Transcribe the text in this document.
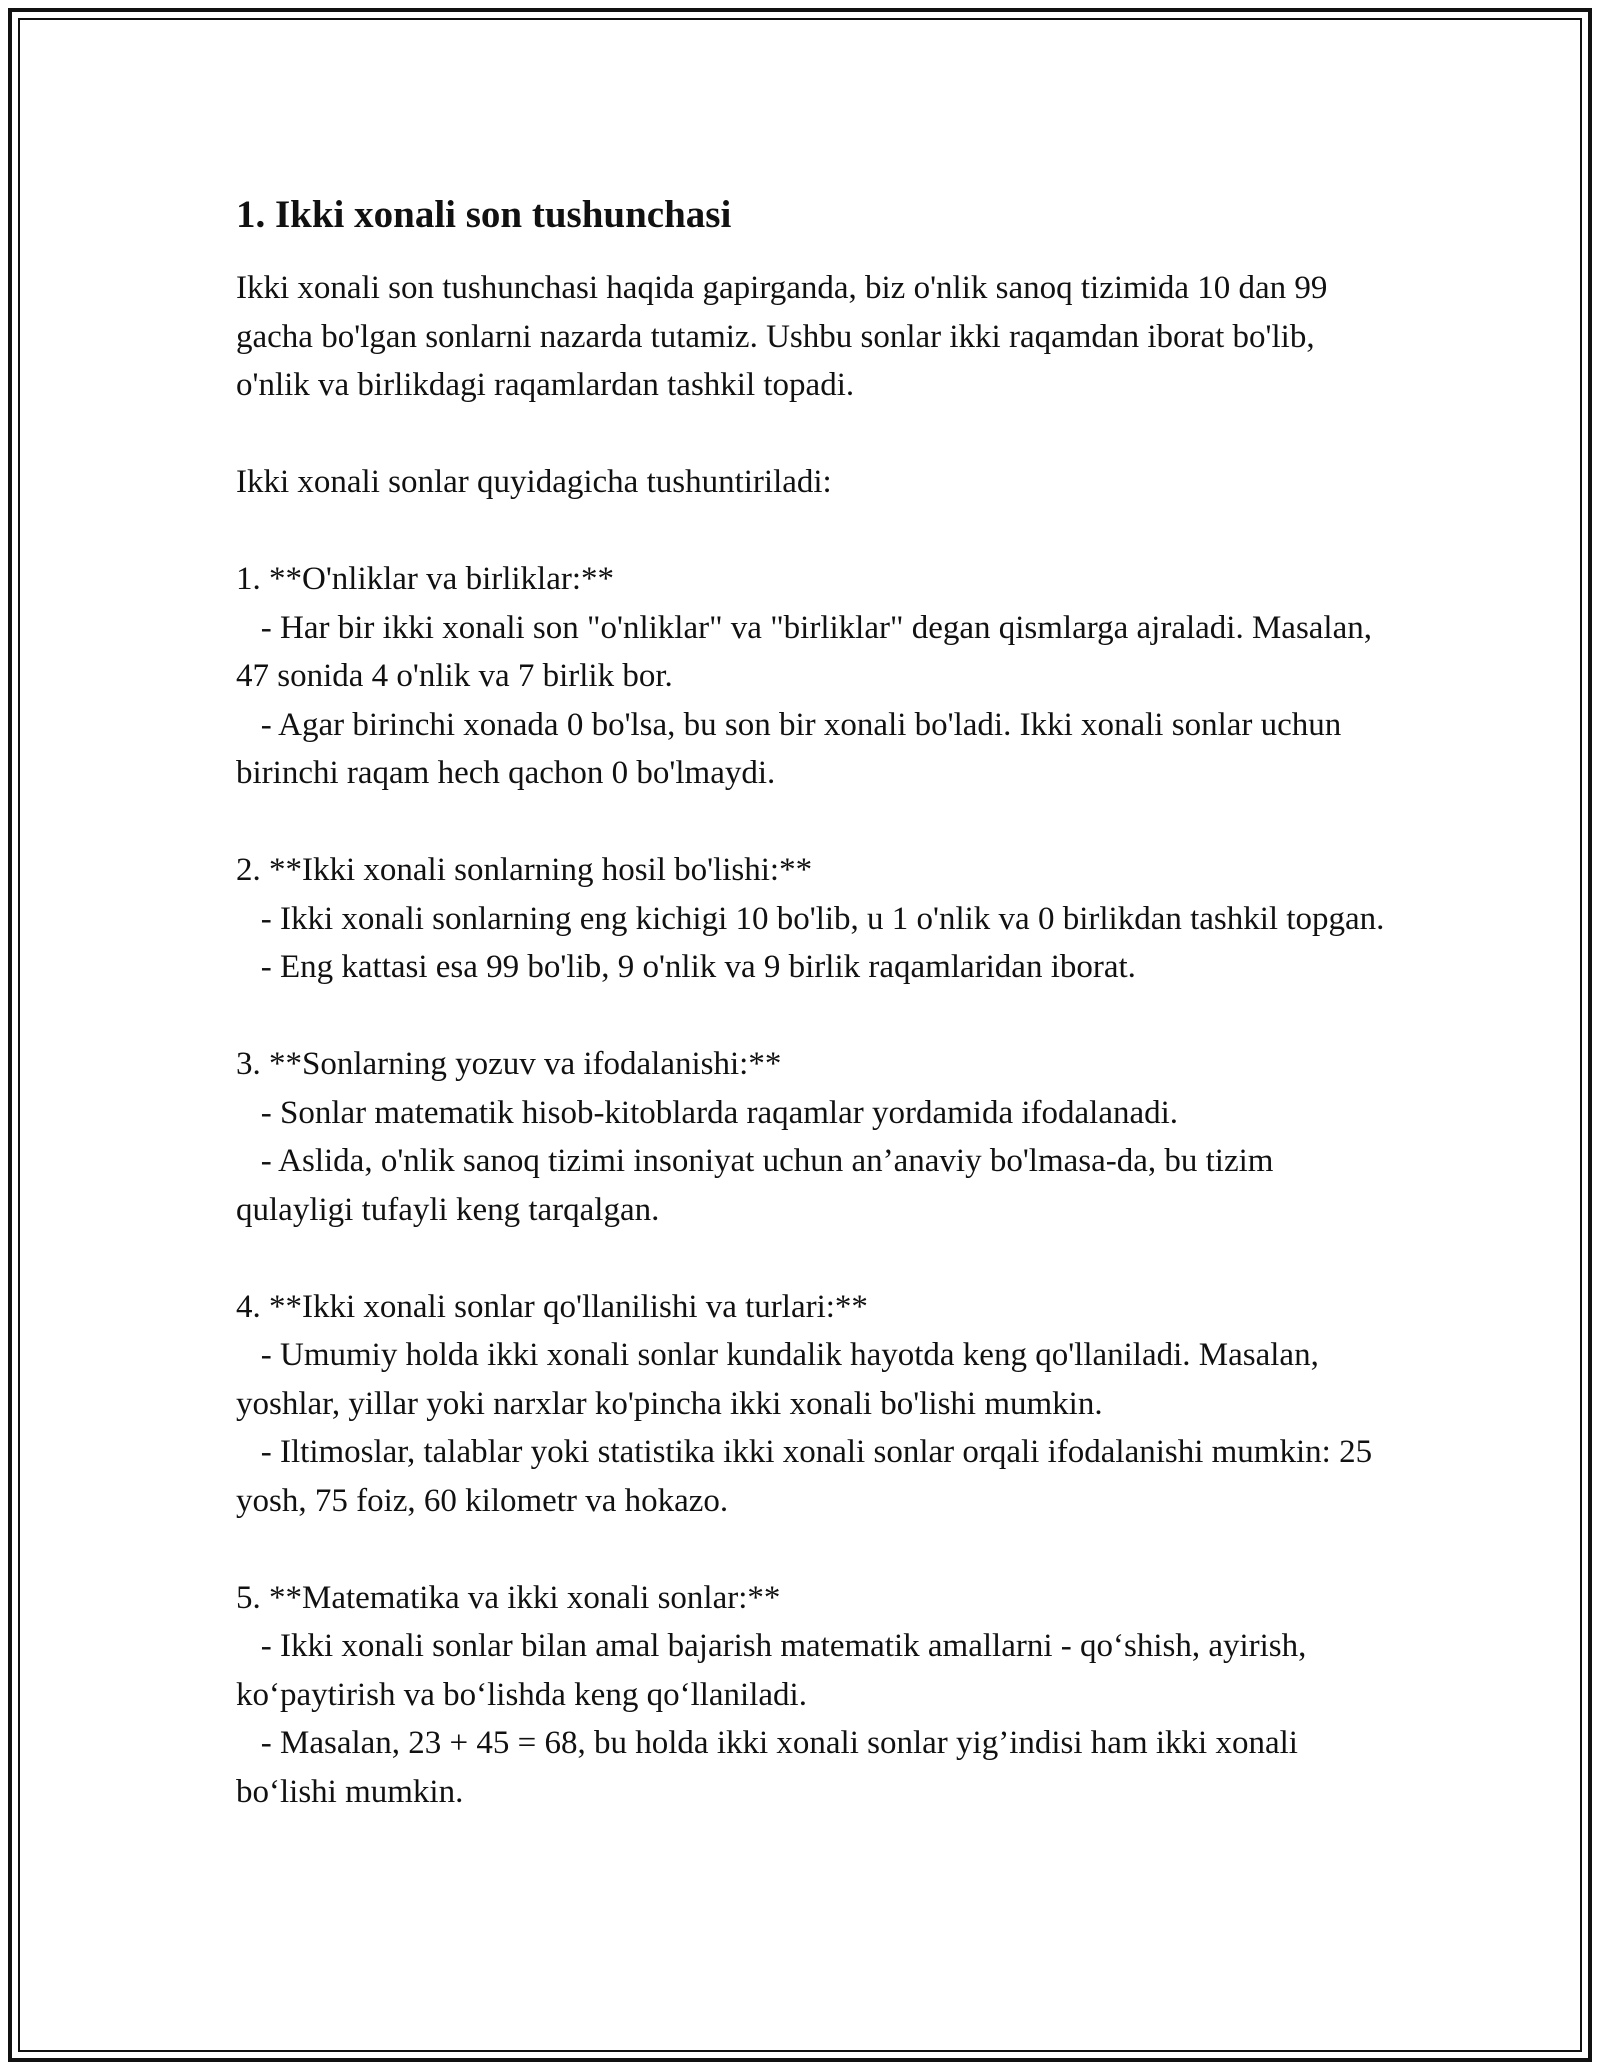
1. Ikki xonali son tushunchasi

Ikki xonali son tushunchasi haqida gapirganda, biz o'nlik sanoq tizimida 10 dan 99 gacha bo'lgan sonlarni nazarda tutamiz. Ushbu sonlar ikki raqamdan iborat bo'lib, o'nlik va birlikdagi raqamlardan tashkil topadi.

Ikki xonali sonlar quyidagicha tushuntiriladi:

1. **O'nliklar va birliklar:**

- Har bir ikki xonali son "o'nliklar" va "birliklar" degan qismlarga ajraladi. Masalan, 47 sonida 4 o'nlik va 7 birlik bor.

- Agar birinchi xonada 0 bo'lsa, bu son bir xonali bo'ladi. Ikki xonali sonlar uchun birinchi raqam hech qachon 0 bo'lmaydi.

2. **Ikki xonali sonlarning hosil bo'lishi:**

- Ikki xonali sonlarning eng kichigi 10 bo'lib, u 1 o'nlik va 0 birlikdan tashkil topgan.

- Eng kattasi esa 99 bo'lib, 9 o'nlik va 9 birlik raqamlaridan iborat.

3. **Sonlarning yozuv va ifodalanishi:**

- Sonlar matematik hisob-kitoblarda raqamlar yordamida ifodalanadi.

- Aslida, o'nlik sanoq tizimi insoniyat uchun an’anaviy bo'lmasa-da, bu tizim qulayligi tufayli keng tarqalgan.

4. **Ikki xonali sonlar qo'llanilishi va turlari:**

- Umumiy holda ikki xonali sonlar kundalik hayotda keng qo'llaniladi. Masalan, yoshlar, yillar yoki narxlar ko'pincha ikki xonali bo'lishi mumkin.

- Iltimoslar, talablar yoki statistika ikki xonali sonlar orqali ifodalanishi mumkin: 25 yosh, 75 foiz, 60 kilometr va hokazo.

5. **Matematika va ikki xonali sonlar:**

- Ikki xonali sonlar bilan amal bajarish matematik amallarni - qo‘shish, ayirish, ko‘paytirish va bo‘lishda keng qo‘llaniladi.

- Masalan, 23 + 45 = 68, bu holda ikki xonali sonlar yig’indisi ham ikki xonali bo‘lishi mumkin.
